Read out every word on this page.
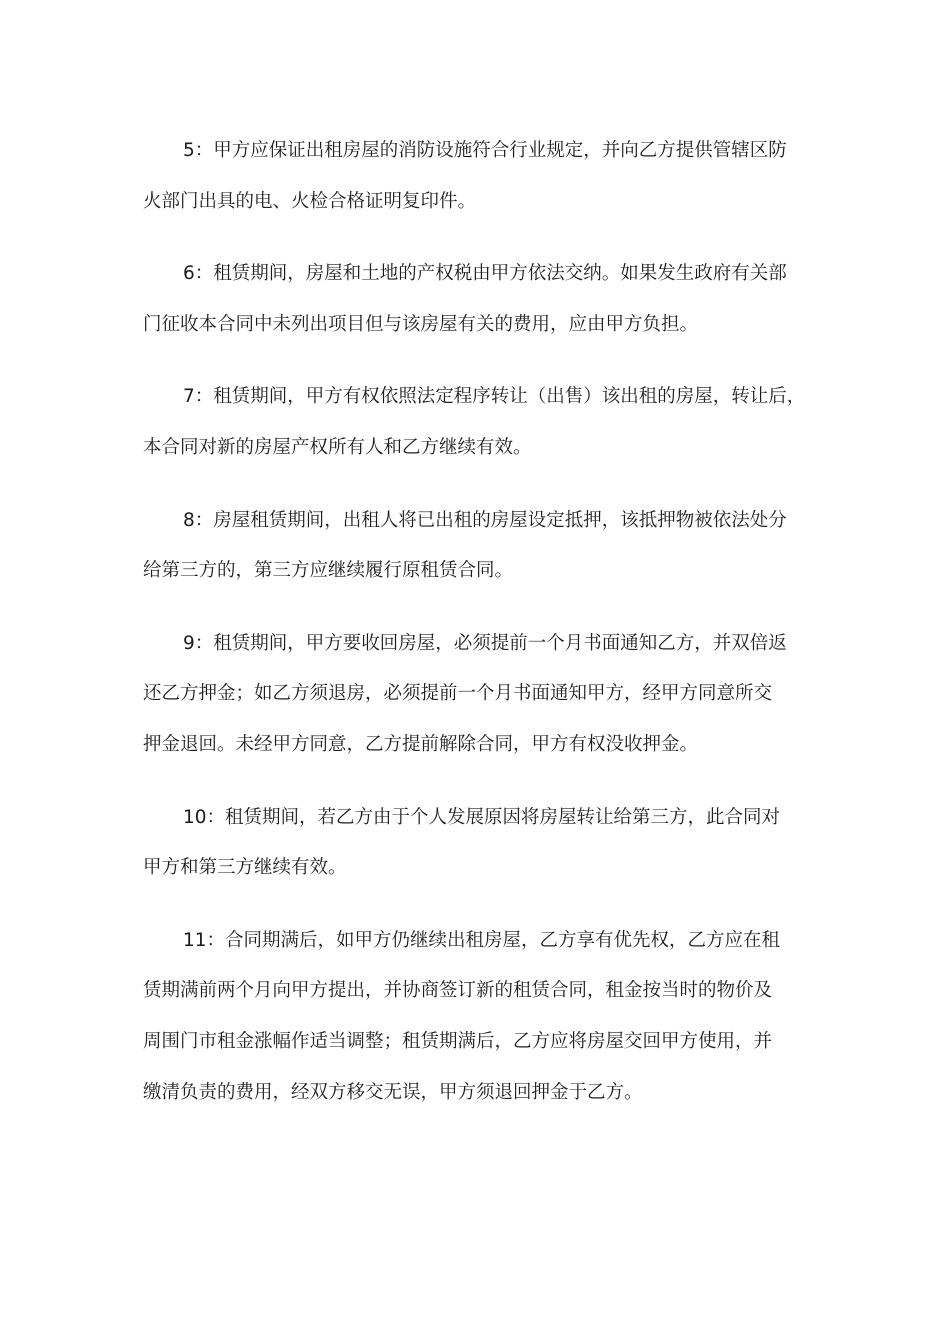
5：甲方应保证出租房屋的消防设施符合行业规定，并向乙方提供管辖区防
火部门出具的电、火检合格证明复印件。

6：租赁期间，房屋和土地的产权税由甲方依法交纳。如果发生政府有关部
门征收本合同中未列出项目但与该房屋有关的费用，应由甲方负担。

7：租赁期间，甲方有权依照法定程序转让（出售）该出租的房屋，转让后，
本合同对新的房屋产权所有人和乙方继续有效。

8：房屋租赁期间，出租人将已出租的房屋设定抵押，该抵押物被依法处分
给第三方的，第三方应继续履行原租赁合同。

9：租赁期间，甲方要收回房屋，必须提前一个月书面通知乙方，并双倍返
还乙方押金；如乙方须退房，必须提前一个月书面通知甲方，经甲方同意所交
押金退回。未经甲方同意，乙方提前解除合同，甲方有权没收押金。

10：租赁期间，若乙方由于个人发展原因将房屋转让给第三方，此合同对
甲方和第三方继续有效。

11：合同期满后，如甲方仍继续出租房屋，乙方享有优先权，乙方应在租
赁期满前两个月向甲方提出，并协商签订新的租赁合同，租金按当时的物价及
周围门市租金涨幅作适当调整；租赁期满后，乙方应将房屋交回甲方使用，并
缴清负责的费用，经双方移交无误，甲方须退回押金于乙方。
